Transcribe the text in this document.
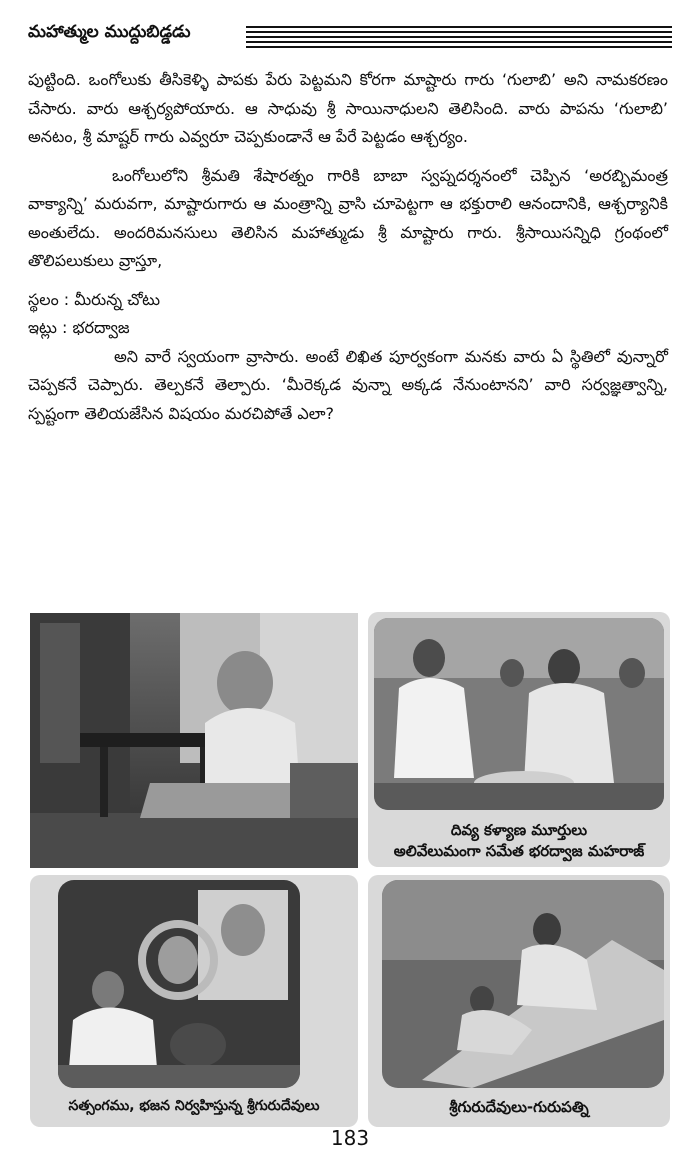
మహాత్ముల ముద్దుబిడ్డడు

పుట్టింది. ఒంగోలుకు తీసికెళ్ళి పాపకు పేరు పెట్టమని కోరగా మాష్టారు గారు ‘గులాబి’ అని నామకరణం చేసారు. వారు ఆశ్చర్యపోయారు. ఆ సాధువు శ్రీ సాయినాధులని తెలిసింది. వారు పాపను ‘గులాబి’ అనటం, శ్రీ మాష్టర్ గారు ఎవ్వరూ చెప్పకుండానే ఆ పేరే పెట్టడం ఆశ్చర్యం.

ఒంగోలులోని శ్రీమతి శేషారత్నం గారికి బాబా స్వప్నదర్శనంలో చెప్పిన ‘అరబ్బిమంత్ర వాక్యాన్ని’ మరువగా, మాష్టారుగారు ఆ మంత్రాన్ని వ్రాసి చూపెట్టగా ఆ భక్తురాలి ఆనందానికి, ఆశ్చర్యానికి అంతులేదు. అందరిమనసులు తెలిసిన మహాత్ముడు శ్రీ మాష్టారు గారు. శ్రీసాయిసన్నిధి గ్రంథంలో తొలిపలుకులు వ్రాస్తూ,

స్థలం : మీరున్న చోటు

ఇట్లు : భరద్వాజ

అని వారే స్వయంగా వ్రాసారు. అంటే లిఖిత పూర్వకంగా మనకు వారు ఏ స్థితిలో వున్నారో చెప్పకనే చెప్పారు. తెల్పకనే తెల్పారు. ‘మీరెక్కడ వున్నా అక్కడ నేనుంటానని’ వారి సర్వజ్ఞత్వాన్ని, స్పష్టంగా తెలియజేసిన విషయం మరచిపోతే ఎలా?

దివ్య కళ్యాణ మూర్తులు
అలివేలుమంగా సమేత భరద్వాజ మహరాజ్
సత్సంగము, భజన నిర్వహిస్తున్న శ్రీగురుదేవులు	శ్రీగురుదేవులు-గురుపత్ని
183
